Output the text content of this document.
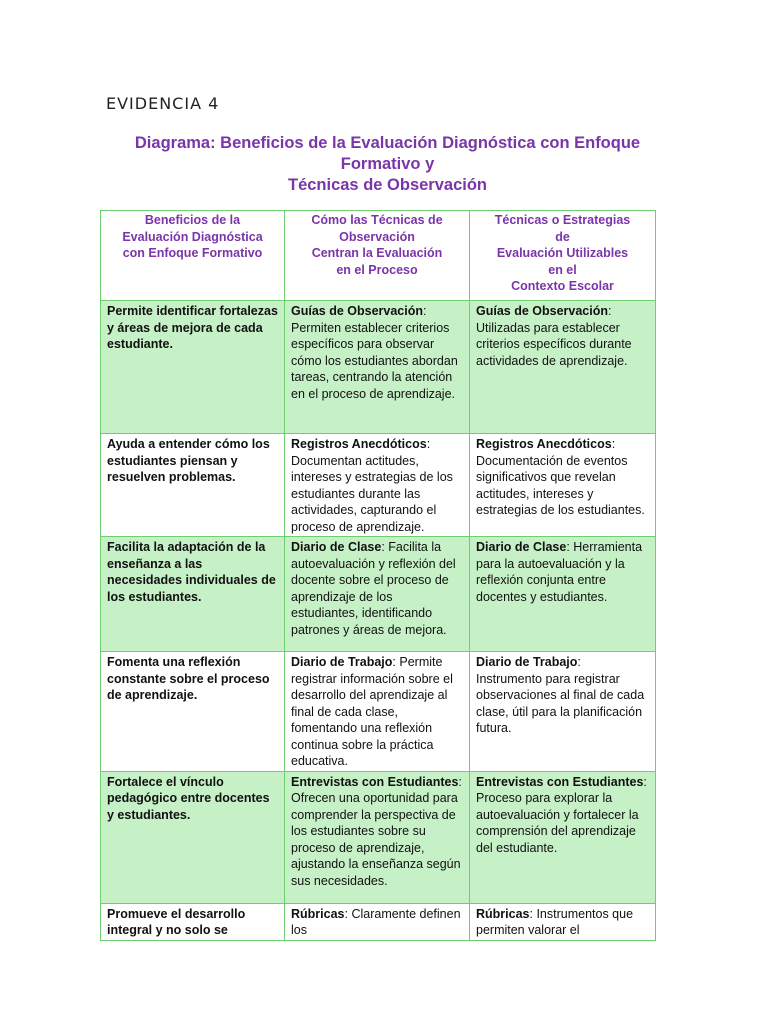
EVIDENCIA 4
Diagrama: Beneficios de la Evaluación Diagnóstica con Enfoque
Formativo y
Técnicas de Observación
Beneficios de la
Evaluación Diagnóstica
con Enfoque Formativo	Cómo las Técnicas de
Observación
Centran la Evaluación
en el Proceso	Técnicas o Estrategias
de
Evaluación Utilizables
en el
Contexto Escolar

Permite identificar fortalezas y áreas de mejora de cada estudiante.	Guías de Observación: Permiten establecer criterios específicos para observar cómo los estudiantes abordan tareas, centrando la atención en el proceso de aprendizaje.	Guías de Observación: Utilizadas para establecer criterios específicos durante actividades de aprendizaje.
Ayuda a entender cómo los estudiantes piensan y resuelven problemas.	Registros Anecdóticos: Documentan actitudes, intereses y estrategias de los estudiantes durante las actividades, capturando el proceso de aprendizaje.	Registros Anecdóticos: Documentación de eventos significativos que revelan actitudes, intereses y estrategias de los estudiantes.
Facilita la adaptación de la enseñanza a las necesidades individuales de los estudiantes.	Diario de Clase: Facilita la autoevaluación y reflexión del docente sobre el proceso de aprendizaje de los estudiantes, identificando patrones y áreas de mejora.	Diario de Clase: Herramienta para la autoevaluación y la reflexión conjunta entre docentes y estudiantes.
Fomenta una reflexión constante sobre el proceso de aprendizaje.	Diario de Trabajo: Permite registrar información sobre el desarrollo del aprendizaje al final de cada clase, fomentando una reflexión continua sobre la práctica educativa.	Diario de Trabajo: Instrumento para registrar observaciones al final de cada clase, útil para la planificación futura.
Fortalece el vínculo pedagógico entre docentes y estudiantes.	Entrevistas con Estudiantes: Ofrecen una oportunidad para comprender la perspectiva de los estudiantes sobre su proceso de aprendizaje, ajustando la enseñanza según sus necesidades.	Entrevistas con Estudiantes: Proceso para explorar la autoevaluación y fortalecer la comprensión del aprendizaje del estudiante.
Promueve el desarrollo integral y no solo se	Rúbricas: Claramente definen los	Rúbricas: Instrumentos que permiten valorar el
